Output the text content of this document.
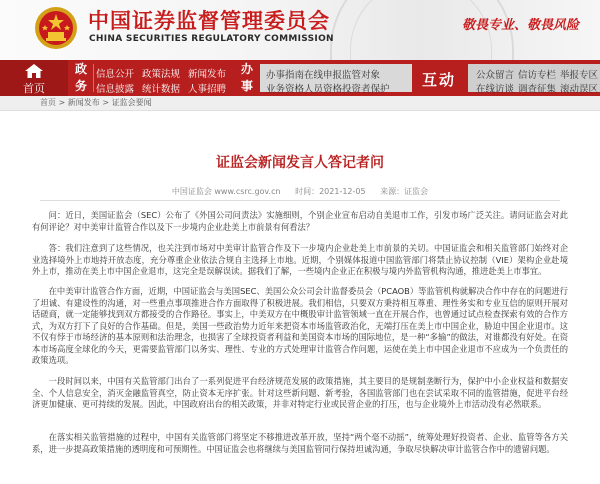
中国证券监督管理委员会
CHINA SECURITIES REGULATORY COMMISSION
敬畏专业、敬畏风险
首页
政
务
信息公开 政策法规 新闻发布
信息披露 统计数据 人事招聘
办
事
办事指南在线申报监管对象
业务资格人员资格投资者保护
互动 公众留言 信访专栏 举报专区
在线访谈 调查征集 滚动误区
首页 > 新闻发布 > 证监会要闻
证监会新闻发言人答记者问
中国证监会 www.csrc.gov.cn 时间：2021-12-05 来源：证监会
问：近日，美国证监会（SEC）公布了《外国公司问责法》实施细则，个别企业宣布启动自美退市工作，引发市场广泛关注。请问证监会对此有何评论？对中美审计监管合作以及下一步境内企业赴美上市前景有何看法？
答：我们注意到了这些情况，也关注到市场对中美审计监管合作及下一步境内企业赴美上市前景的关切。中国证监会和相关监管部门始终对企业选择境外上市地持开放态度，充分尊重企业依法合规自主选择上市地。近期，个别媒体报道中国监管部门将禁止协议控制（VIE）架构企业赴境外上市，推动在美上市中国企业退市，这完全是误解误读。据我们了解，一些境内企业正在积极与境内外监管机构沟通，推进赴美上市事宜。
在中美审计监管合作方面，近期，中国证监会与美国SEC、美国公众公司会计监督委员会（PCAOB）等监管机构就解决合作中存在的问题进行了坦诚、有建设性的沟通，对一些重点事项推进合作方面取得了积极进展。我们相信，只要双方秉持相互尊重、理性务实和专业互信的原则开展对话磋商，就一定能够找到双方都接受的合作路径。事实上，中美双方在中概股审计监管领域一直在开展合作，也曾通过试点检查探索有效的合作方式，为双方打下了良好的合作基础。但是，美国一些政治势力近年来把资本市场监管政治化，无端打压在美上市中国企业，胁迫中国企业退市。这不仅有悖于市场经济的基本原则和法治理念，也损害了全球投资者利益和美国资本市场的国际地位，是一种“多输”的做法，对谁都没有好处。在资本市场高度全球化的今天，更需要监管部门以务实、理性、专业的方式处理审计监管合作问题，运使在美上市中国企业退市不应成为一个负责任的政策选项。
一段时间以来，中国有关监管部门出台了一系列促进平台经济规范发展的政策措施，其主要目的是规制垄断行为，保护中小企业权益和数据安全、个人信息安全，消灭金融监管真空，防止资本无序扩张。针对这些新问题、新考验，各国监管部门也在尝试采取不同的监管措施，促进平台经济更加健康、更可持续的发展。因此，中国政府出台的相关政策，并非对特定行业或民营企业的打压，也与企业境外上市活动没有必然联系。
在落实相关监管措施的过程中，中国有关监管部门将坚定不移推进改革开放，坚持“两个毫不动摇”，统筹处理好投资者、企业、监管等各方关系，进一步提高政策措施的透明度和可预期性。中国证监会也将继续与美国监管同行保持坦诚沟通，争取尽快解决审计监管合作中的遗留问题。
